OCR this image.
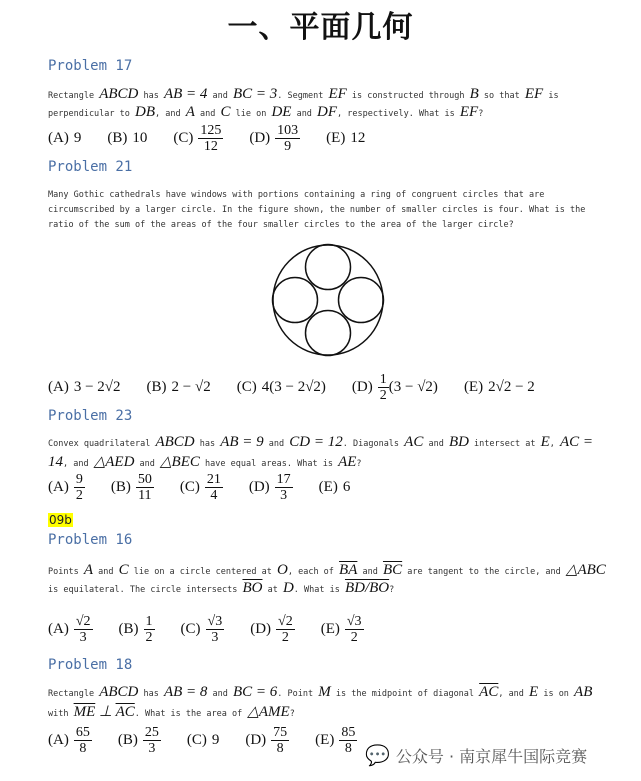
一、平面几何
Problem 17
Rectangle ABCD has AB = 4 and BC = 3. Segment EF is constructed through B so that EF is perpendicular to DB, and A and C lie on DE and DF, respectively. What is EF?
(A) 9 (B) 10 $(C) \frac{125}{12} (D) \frac{103}{9} (E)$ 12
Problem 21
Many Gothic cathedrals have windows with portions containing a ring of congruent circles that are circumscribed by a larger circle. In the figure shown, the number of smaller circles is four. What is the ratio of the sum of the areas of the four smaller circles to the area of the larger circle?
(A) 3 − 2√2 (B) 2 − √2 (C) 4(3 − 2√2) $(D) \frac{1}{2} (3 - √2)$ (E) 2√2 − 2
Problem 23
Convex quadrilateral ABCD has AB = 9 and CD = 12. Diagonals AC and BD intersect at E, AC = 14, and △AED and △BEC have equal areas. What is AE?
$(A) \frac{9}{2} (B) \frac{50}{11} (C) \frac{21}{4} (D) \frac{17}{3} (E)$ 6
Problem 16
Points A and C lie on a circle centered at O, each of $\overline{BA}$ and $\overline{BC}$ are tangent to the circle, and △ABC is equilateral. The circle intersects $\overline{BO}$ at D. What is BD/BO?
$(A) \frac{√2}{3} (B) \frac{1}{2} (C) \frac{√3}{3} (D) \frac{√2}{2} (E) \frac{√3}{2}$
Problem 18
Rectangle ABCD has AB = 8 and BC = 6. Point M is the midpoint of diagonal $\overline{AC}$, and E is on AB with $\overline{ME}$ ⊥ $\overline{AC}$. What is the area of △AME?
$(A) \frac{65}{8} (B) \frac{25}{3} (C)$ 9 $(D) \frac{75}{8} (E) \frac{85}{8}$
09b
💬 公众号 · 南京犀牛国际竞赛
